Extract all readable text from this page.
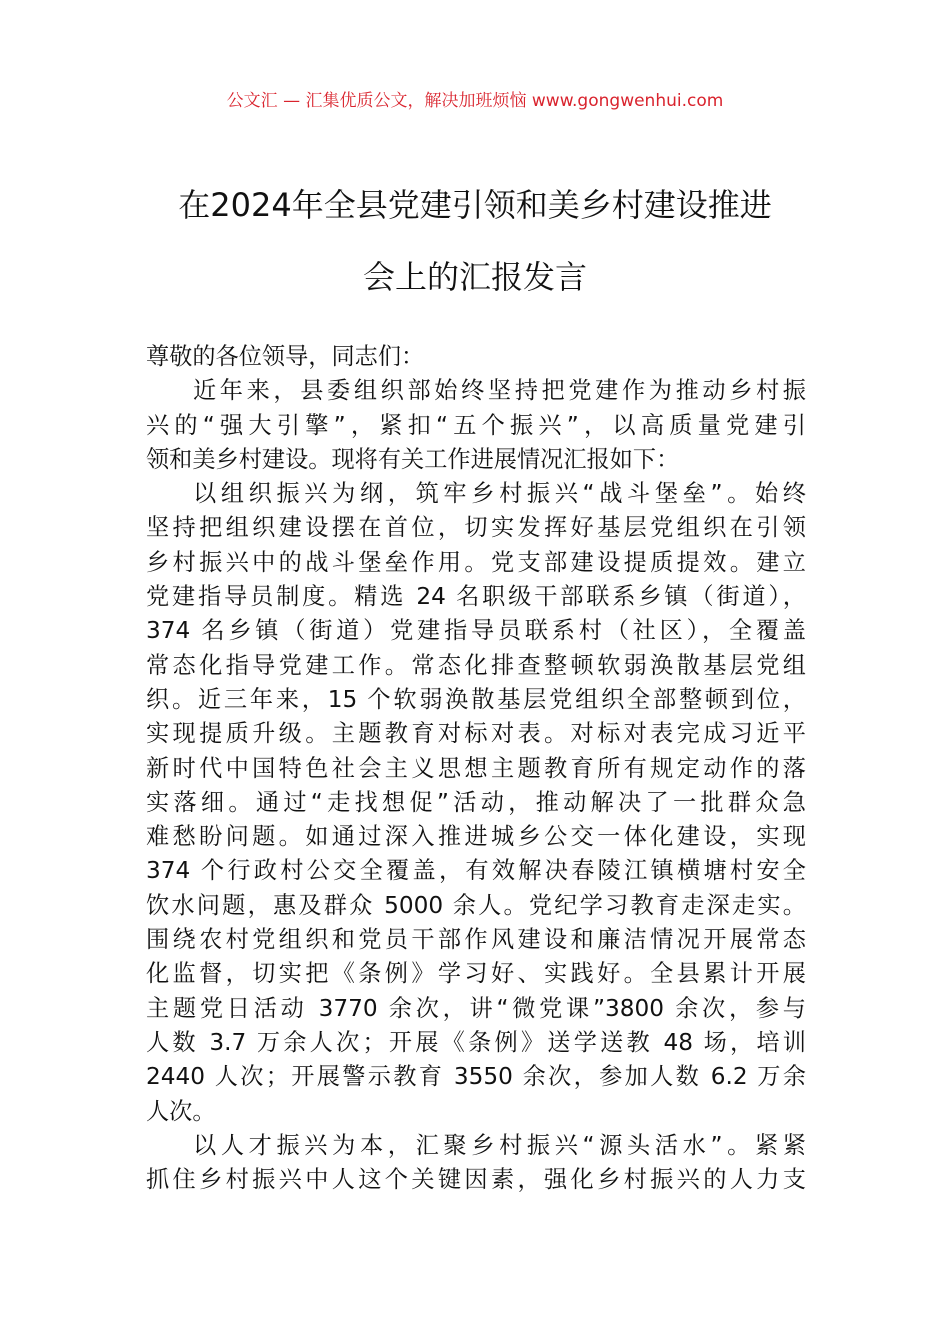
公文汇 — 汇集优质公文，解决加班烦恼 www.gongwenhui.com
在2024年全县党建引领和美乡村建设推进
会上的汇报发言
尊敬的各位领导，同志们：
近年来，县委组织部始终坚持把党建作为推动乡村振
兴的“强大引擎”，紧扣“五个振兴”，以高质量党建引
领和美乡村建设。现将有关工作进展情况汇报如下：
以组织振兴为纲，筑牢乡村振兴“战斗堡垒”。始终
坚持把组织建设摆在首位，切实发挥好基层党组织在引领
乡村振兴中的战斗堡垒作用。党支部建设提质提效。建立
党建指导员制度。精选 24 名职级干部联系乡镇（街道），
374 名乡镇（街道）党建指导员联系村（社区），全覆盖
常态化指导党建工作。常态化排查整顿软弱涣散基层党组
织。近三年来，15 个软弱涣散基层党组织全部整顿到位，
实现提质升级。主题教育对标对表。对标对表完成习近平
新时代中国特色社会主义思想主题教育所有规定动作的落
实落细。通过“走找想促”活动，推动解决了一批群众急
难愁盼问题。如通过深入推进城乡公交一体化建设，实现
374 个行政村公交全覆盖，有效解决春陵江镇横塘村安全
饮水问题，惠及群众 5000 余人。党纪学习教育走深走实。
围绕农村党组织和党员干部作风建设和廉洁情况开展常态
化监督，切实把《条例》学习好、实践好。全县累计开展
主题党日活动 3770 余次，讲“微党课”3800 余次，参与
人数 3.7 万余人次；开展《条例》送学送教 48 场，培训
2440 人次；开展警示教育 3550 余次，参加人数 6.2 万余
人次。
以人才振兴为本，汇聚乡村振兴“源头活水”。紧紧
抓住乡村振兴中人这个关键因素，强化乡村振兴的人力支
